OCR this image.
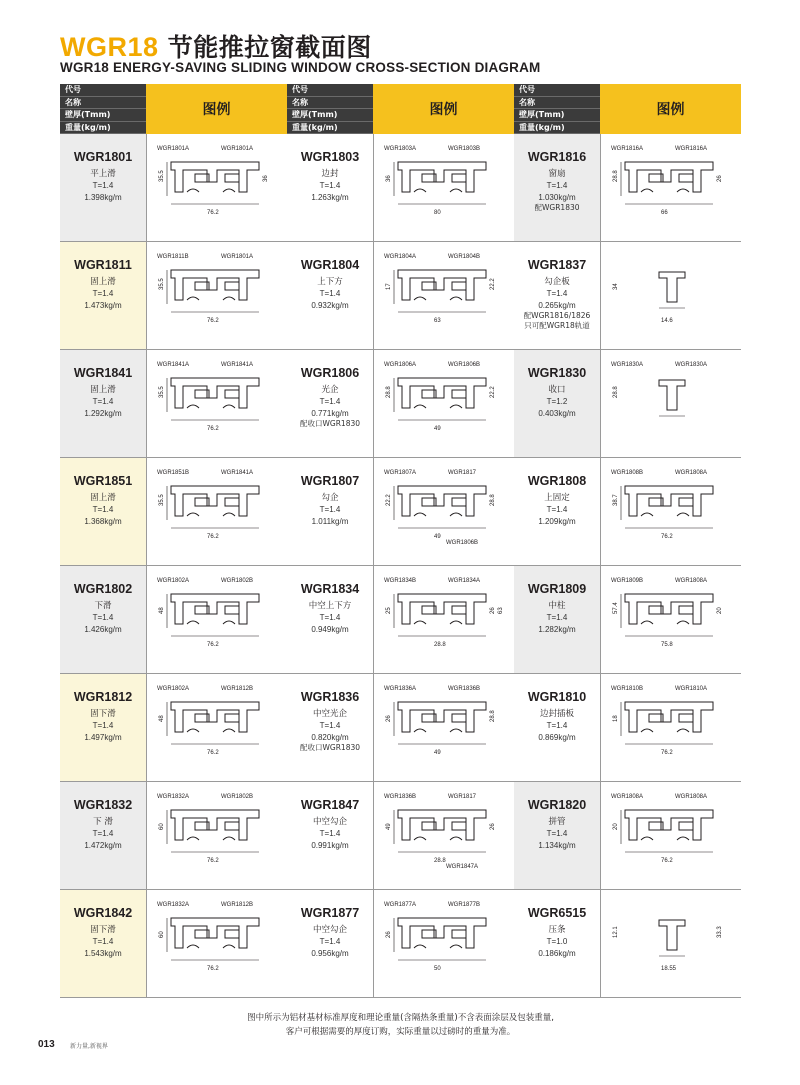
WGR18 节能推拉窗截面图
WGR18 ENERGY-SAVING SLIDING WINDOW CROSS-SECTION DIAGRAM
代号
名称
壁厚(Tmm)
重量(kg/m)
图例
WGR1801
平上滑
T=1.4
1.398kg/m
WGR1801A	WGR1801A
35.5	36
76.2
WGR1811
固上滑
T=1.4
1.473kg/m
WGR1811B	WGR1801A
35.5
76.2
WGR1841
固上滑
T=1.4
1.292kg/m
WGR1841A	WGR1841A
35.5
76.2
WGR1851
固上滑
T=1.4
1.368kg/m
WGR1851B	WGR1841A
35.5
76.2
WGR1802
下滑
T=1.4
1.426kg/m
WGR1802A	WGR1802B
48
76.2
WGR1812
固下滑
T=1.4
1.497kg/m
WGR1802A	WGR1812B
48
76.2
WGR1832
下 滑
T=1.4
1.472kg/m
WGR1832A	WGR1802B
60
76.2
WGR1842
固下滑
T=1.4
1.543kg/m
WGR1832A	WGR1812B
60
76.2
代号
名称
壁厚(Tmm)
重量(kg/m)
图例
WGR1803
边封
T=1.4
1.263kg/m
WGR1803A	WGR1803B
36
80
WGR1804
上下方
T=1.4
0.932kg/m
WGR1804A	WGR1804B
17	22.2
63
WGR1806
光企
T=1.4
0.771kg/m
配收口WGR1830
WGR1806A	WGR1806B
28.8	22.2
49
WGR1807
勾企
T=1.4
1.011kg/m
WGR1807A	WGR1817
WGR1806B
22.2	28.8
49
WGR1834
中空上下方
T=1.4
0.949kg/m
WGR1834B	WGR1834A
25	26
28.8
63
WGR1836
中空光企
T=1.4
0.820kg/m
配收口WGR1830
WGR1836A	WGR1836B
26	28.8
49
WGR1847
中空勾企
T=1.4
0.991kg/m
WGR1836B	WGR1817
WGR1847A
49	26
28.8
WGR1877
中空勾企
T=1.4
0.956kg/m
WGR1877A	WGR1877B
26
50
代号
名称
壁厚(Tmm)
重量(kg/m)
图例
WGR1816
窗扇
T=1.4
1.030kg/m
配WGR1830
WGR1816A	WGR1816A
28.8	26
66
WGR1837
勾企板
T=1.4
0.265kg/m
配WGR1816/1826
只可配WGR18轨道
34
14.6
WGR1830
收口
T=1.2
0.403kg/m
WGR1830A	WGR1830A
28.8
WGR1808
上固定
T=1.4
1.209kg/m
WGR1808B	WGR1808A
38.7
76.2
WGR1809
中柱
T=1.4
1.282kg/m
WGR1809B	WGR1808A
57.4	20
75.8
WGR1810
边封插板
T=1.4
0.869kg/m
WGR1810B	WGR1810A
18
76.2
WGR1820
拼管
T=1.4
1.134kg/m
WGR1808A	WGR1808A
20
76.2
WGR6515
压条
T=1.0
0.186kg/m
12.1	33.3
18.55
图中所示为铝材基材标准厚度和理论重量(含隔热条重量)不含表面涂层及包装重量,
客户可根据需要的厚度订购，实际重量以过磅时的重量为准。
013	新力量,新视界
